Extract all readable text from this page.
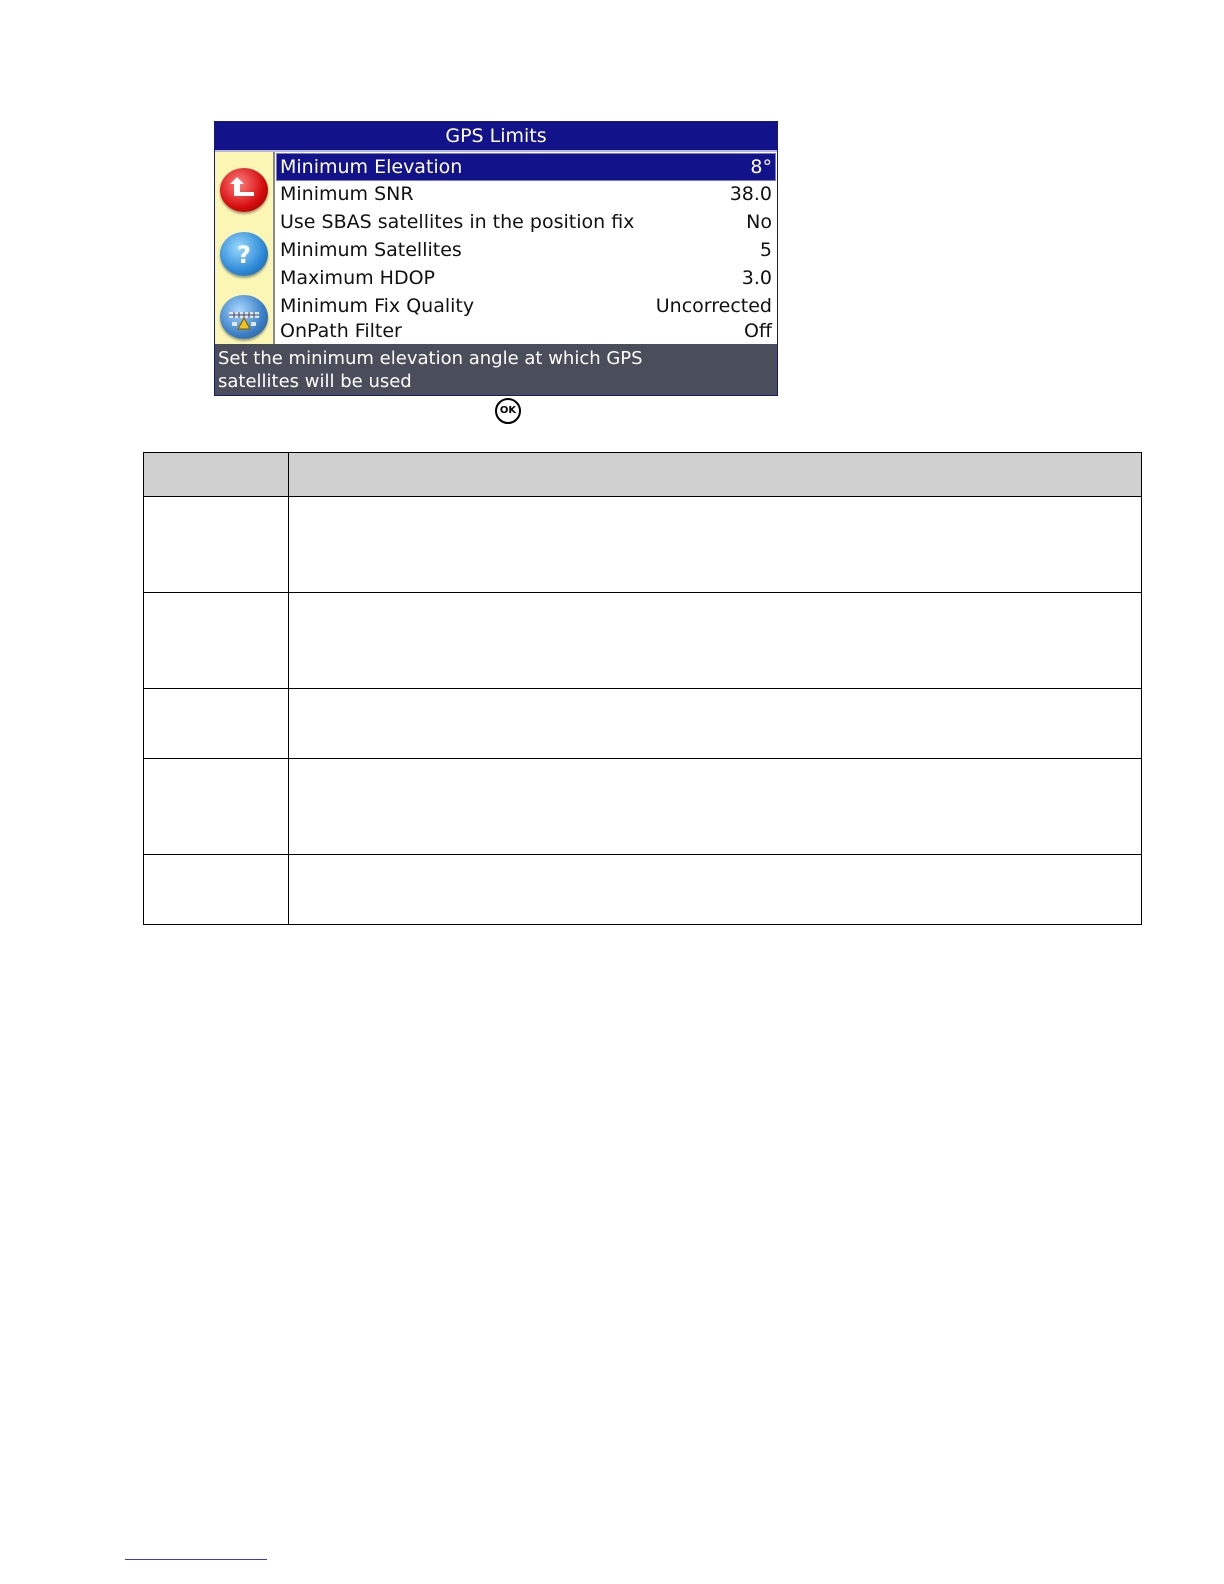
GPS Limits
?
Minimum Elevation	8°
Minimum SNR	38.0
Use SBAS satellites in the position fix	No
Minimum Satellites	5
Maximum HDOP	3.0
Minimum Fix Quality	Uncorrected
OnPath Filter	Off
Set the minimum elevation angle at which GPS
satellites will be used
OK
